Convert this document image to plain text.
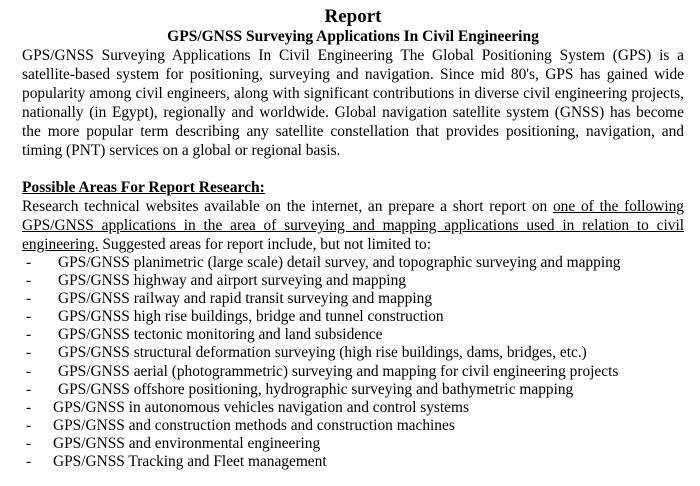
Report
GPS/GNSS Surveying Applications In Civil Engineering

GPS/GNSS Surveying Applications In Civil Engineering The Global Positioning System (GPS) is a satellite-based system for positioning, surveying and navigation. Since mid 80's, GPS has gained wide popularity among civil engineers, along with significant contributions in diverse civil engineering projects, nationally (in Egypt), regionally and worldwide. Global navigation satellite system (GNSS) has become the more popular term describing any satellite constellation that provides positioning, navigation, and timing (PNT) services on a global or regional basis.

Possible Areas For Report Research:

Research technical websites available on the internet, an prepare a short report on one of the following GPS/GNSS applications in the area of surveying and mapping applications used in relation to civil engineering. Suggested areas for report include, but not limited to:

- GPS/GNSS planimetric (large scale) detail survey, and topographic surveying and mapping
- GPS/GNSS highway and airport surveying and mapping
- GPS/GNSS railway and rapid transit surveying and mapping
- GPS/GNSS high rise buildings, bridge and tunnel construction
- GPS/GNSS tectonic monitoring and land subsidence
- GPS/GNSS structural deformation surveying (high rise buildings, dams, bridges, etc.)
- GPS/GNSS aerial (photogrammetric) surveying and mapping for civil engineering projects
- GPS/GNSS offshore positioning, hydrographic surveying and bathymetric mapping
- GPS/GNSS in autonomous vehicles navigation and control systems
- GPS/GNSS and construction methods and construction machines
- GPS/GNSS and environmental engineering
- GPS/GNSS Tracking and Fleet management
